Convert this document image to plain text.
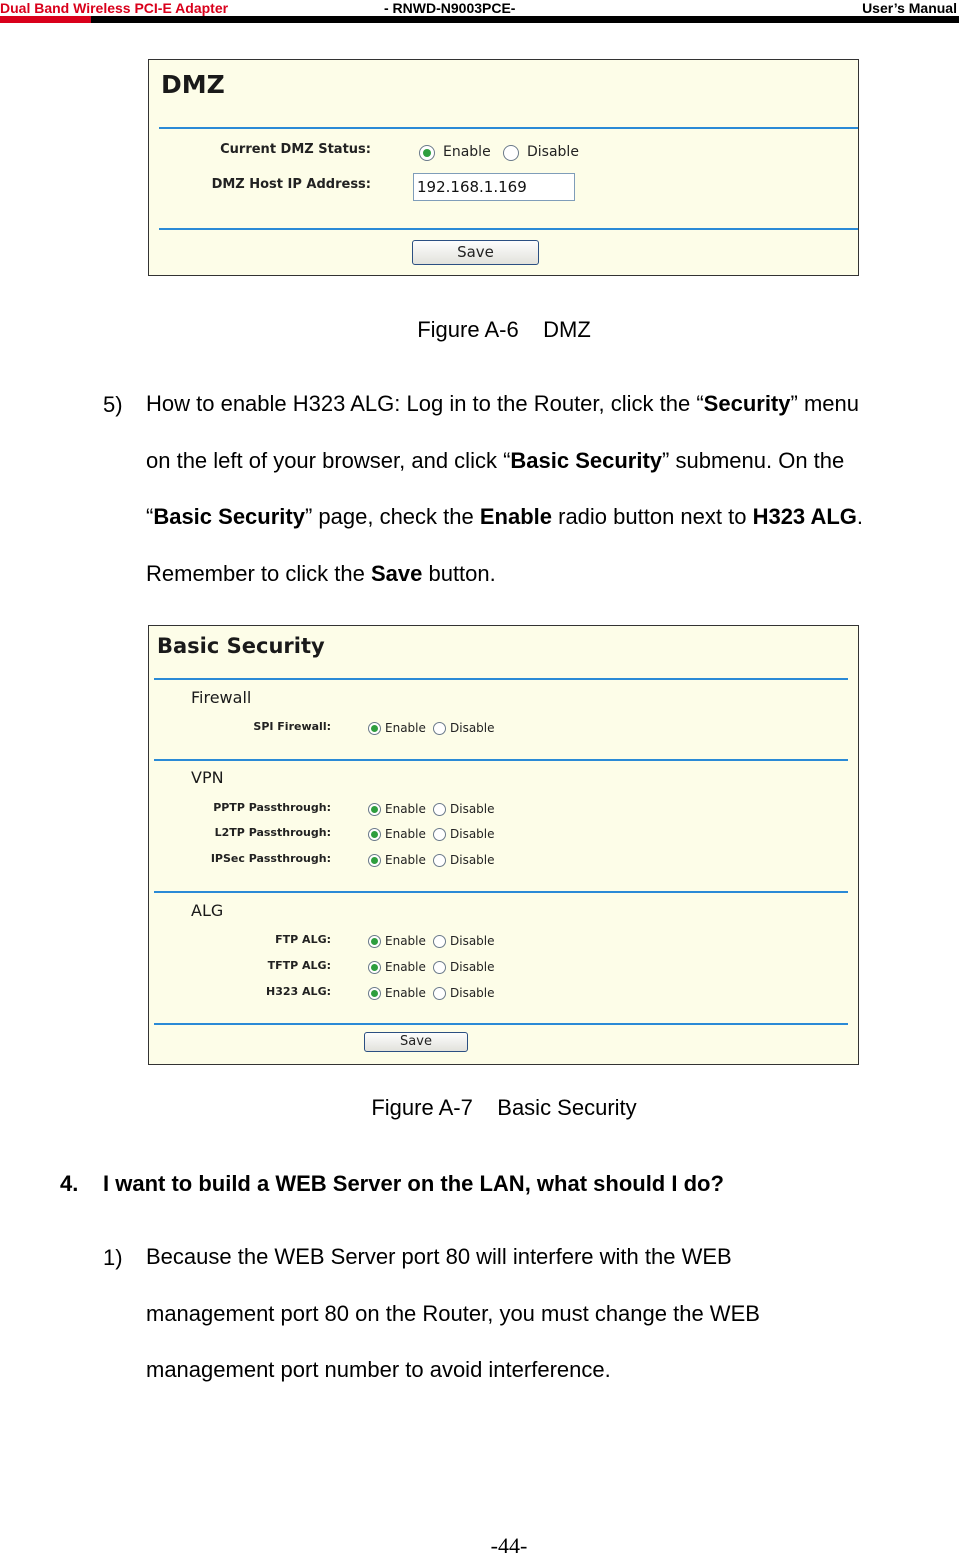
Dual Band Wireless PCI-E Adapter	- RNWD-N9003PCE-	User’s Manual
DMZ
Current DMZ Status:	Enable	Disable
DMZ Host IP Address:	192.168.1.169
Save
Figure A-6    DMZ
5) How to enable H323 ALG: Log in to the Router, click the “Security” menu
on the left of your browser, and click “Basic Security” submenu. On the
“Basic Security” page, check the Enable radio button next to H323 ALG.
Remember to click the Save button.
Basic Security
Firewall
SPI Firewall:	Enable Disable
VPN
PPTP Passthrough:	Enable Disable
L2TP Passthrough:	Enable Disable
IPSec Passthrough:	Enable Disable
ALG
FTP ALG:	Enable Disable
TFTP ALG:	Enable Disable
H323 ALG:	Enable Disable
Save
Figure A-7    Basic Security
4. I want to build a WEB Server on the LAN, what should I do?
1) Because the WEB Server port 80 will interfere with the WEB
management port 80 on the Router, you must change the WEB
management port number to avoid interference.
-44-
